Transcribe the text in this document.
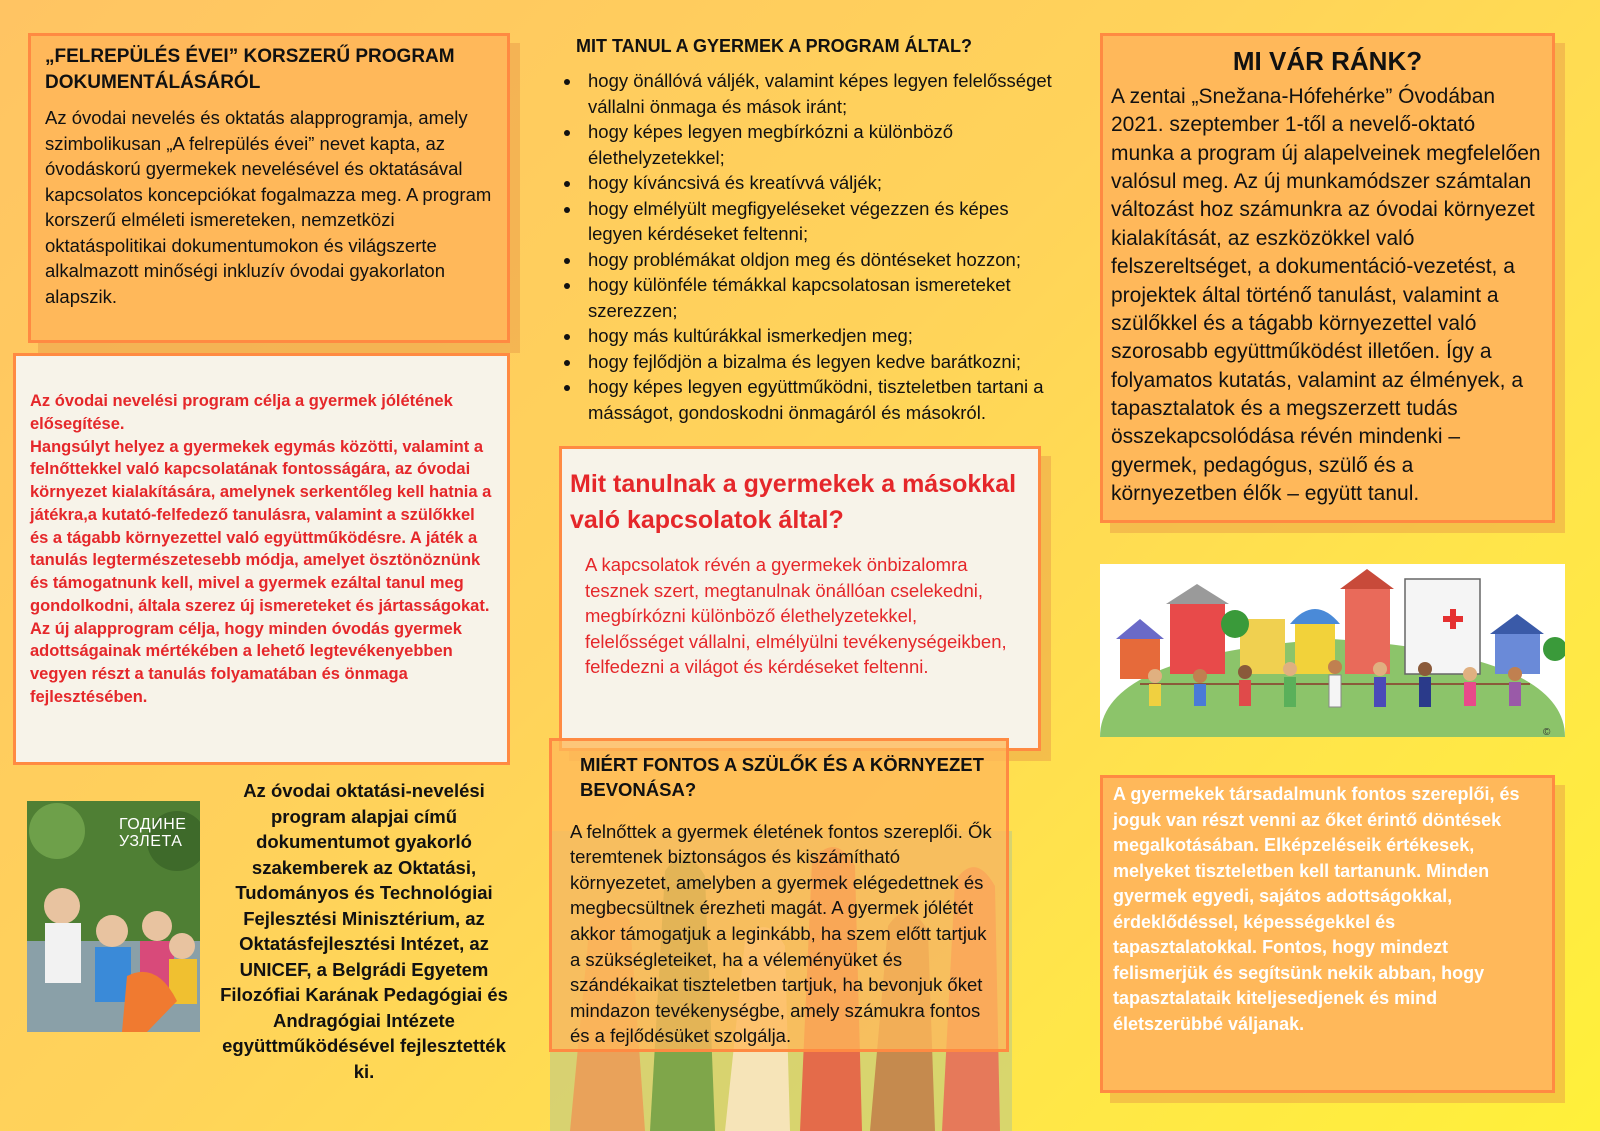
„FELREPÜLÉS ÉVEI” KORSZERŰ PROGRAM DOKUMENTÁLÁSÁRÓL

Az óvodai nevelés és oktatás alapprogramja, amely szimbolikusan „A felrepülés évei” nevet kapta, az óvodáskorú gyermekek nevelésével és oktatásával kapcsolatos koncepciókat fogalmazza meg. A program korszerű elméleti ismereteken, nemzetközi oktatáspolitikai dokumentumokon és világszerte alkalmazott minőségi inkluzív óvodai gyakorlaton alapszik.

Az óvodai nevelési program célja a gyermek jólétének elősegítése.
Hangsúlyt helyez a gyermekek egymás közötti, valamint a felnőttekkel való kapcsolatának fontosságára, az óvodai környezet kialakítására, amelynek serkentőleg kell hatnia a játékra,a kutató-felfedező tanulásra, valamint a szülőkkel és a tágabb környezettel való együttműködésre. A játék a tanulás legtermészetesebb módja, amelyet ösztönöznünk és támogatnunk kell, mivel a gyermek ezáltal tanul meg gondolkodni, általa szerez új ismereteket és jártasságokat.
Az új alapprogram célja, hogy minden óvodás gyermek adottságainak mértékében a lehető legtevékenyebben vegyen részt a tanulás folyamatában és önmaga fejlesztésében.

MIT TANUL A GYERMEK A PROGRAM ÁLTAL?
• hogy önállóvá váljék, valamint képes legyen felelősséget vállalni önmaga és mások iránt;
• hogy képes legyen megbírkózni a különböző élethelyzetekkel;
• hogy kíváncsivá és kreatívvá váljék;
• hogy elmélyült megfigyeléseket végezzen és képes legyen kérdéseket feltenni;
• hogy problémákat oldjon meg és döntéseket hozzon;
• hogy különféle témákkal kapcsolatosan ismereteket szerezzen;
• hogy más kultúrákkal ismerkedjen meg;
• hogy fejlődjön a bizalma és legyen kedve barátkozni;
• hogy képes legyen együttműködni, tiszteletben tartani a másságot, gondoskodni önmagáról és másokról.
Mit tanulnak a gyermekek a másokkal való kapcsolatok által?

A kapcsolatok révén a gyermekek önbizalomra tesznek szert, megtanulnak önállóan cselekedni, megbírkózni különböző élethelyzetekkel, felelősséget vállalni, elmélyülni tevékenységeikben, felfedezni a világot és kérdéseket feltenni.

MIÉRT FONTOS A SZÜLŐK ÉS A KÖRNYEZET BEVONÁSA?

A felnőttek a gyermek életének fontos szereplői. Ők teremtenek biztonságos és kiszámítható környezetet, amelyben a gyermek elégedettnek és megbecsültnek érezheti magát. A gyermek jólétét akkor támogatjuk a leginkább, ha szem előtt tartjuk a szükségleteiket, ha a véleményüket és szándékaikat tiszteletben tartjuk, ha bevonjuk őket mindazon tevékenységbe, amely számukra fontos és a fejlődésüket szolgálja.

MI VÁR RÁNK?

A zentai „Snežana-Hófehérke” Óvodában 2021. szeptember 1-től a nevelő-oktató munka a program új alapelveinek megfelelően valósul meg. Az új munkamódszer számtalan változást hoz számunkra az óvodai környezet kialakítását, az eszközökkel való felszereltséget, a dokumentáció-vezetést, a projektek által történő tanulást, valamint a szülőkkel és a tágabb környezettel való szorosabb együttműködést illetően. Így a folyamatos kutatás, valamint az élmények, a tapasztalatok és a megszerzett tudás összekapcsolódása révén mindenki – gyermek, pedagógus, szülő és a környezetben élők – együtt tanul.

©

A gyermekek társadalmunk fontos szereplői, és joguk van részt venni az őket érintő döntések megalkotásában. Elképzeléseik értékesek, melyeket tiszteletben kell tartanunk. Minden gyermek egyedi, sajátos adottságokkal, érdeklődéssel, képességekkel és tapasztalatokkal. Fontos, hogy mindezt felismerjük és segítsünk nekik abban, hogy tapasztalataik kiteljesedjenek és mind életszerübbé váljanak.

ГОДИНЕ
УЗЛЕТА

Az óvodai oktatási-nevelési program alapjai című dokumentumot gyakorló szakemberek az Oktatási, Tudományos és Technológiai Fejlesztési Minisztérium, az Oktatásfejlesztési Intézet, az UNICEF, a Belgrádi Egyetem Filozófiai Karának Pedagógiai és Andragógiai Intézete együttműködésével fejlesztették ki.
